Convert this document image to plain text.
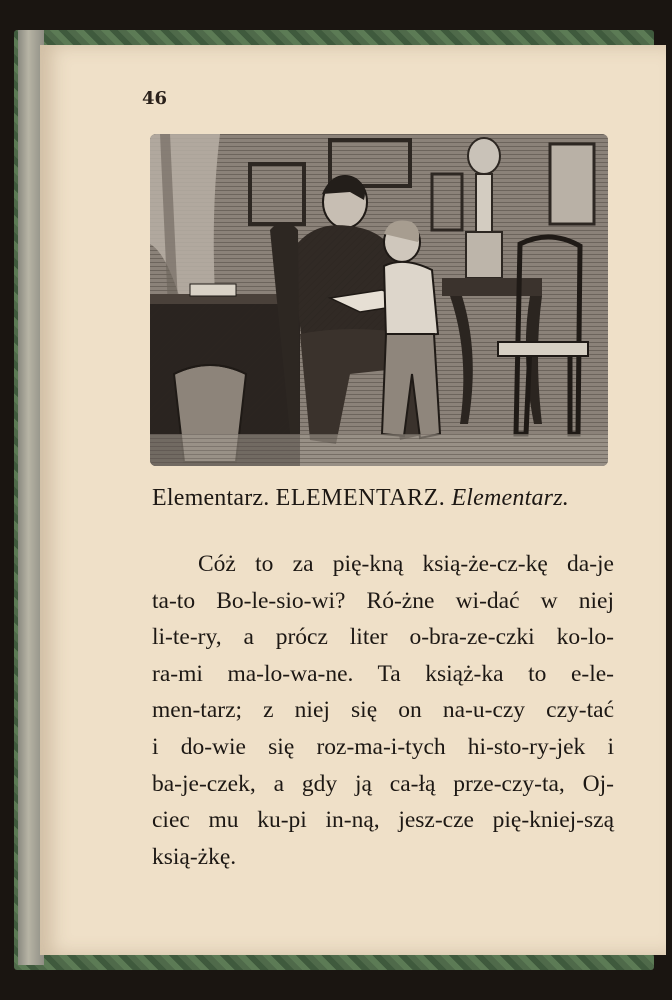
46
Elementarz. ELEMENTARZ. Elementarz.
Cóż to za pię-kną ksią-że-cz-kę da-je
ta-to Bo-le-sio-wi? Ró-żne wi-dać w niej
li-te-ry, a prócz liter o-bra-ze-czki ko-lo-
ra-mi ma-lo-wa-ne. Ta książ-ka to e-le-
men-tarz; z niej się on na-u-czy czy-tać
i do-wie się roz-ma-i-tych hi-sto-ry-jek i
ba-je-czek, a gdy ją ca-łą prze-czy-ta, Oj-
ciec mu ku-pi in-ną, jesz-cze pię-kniej-szą
ksią-żkę.
